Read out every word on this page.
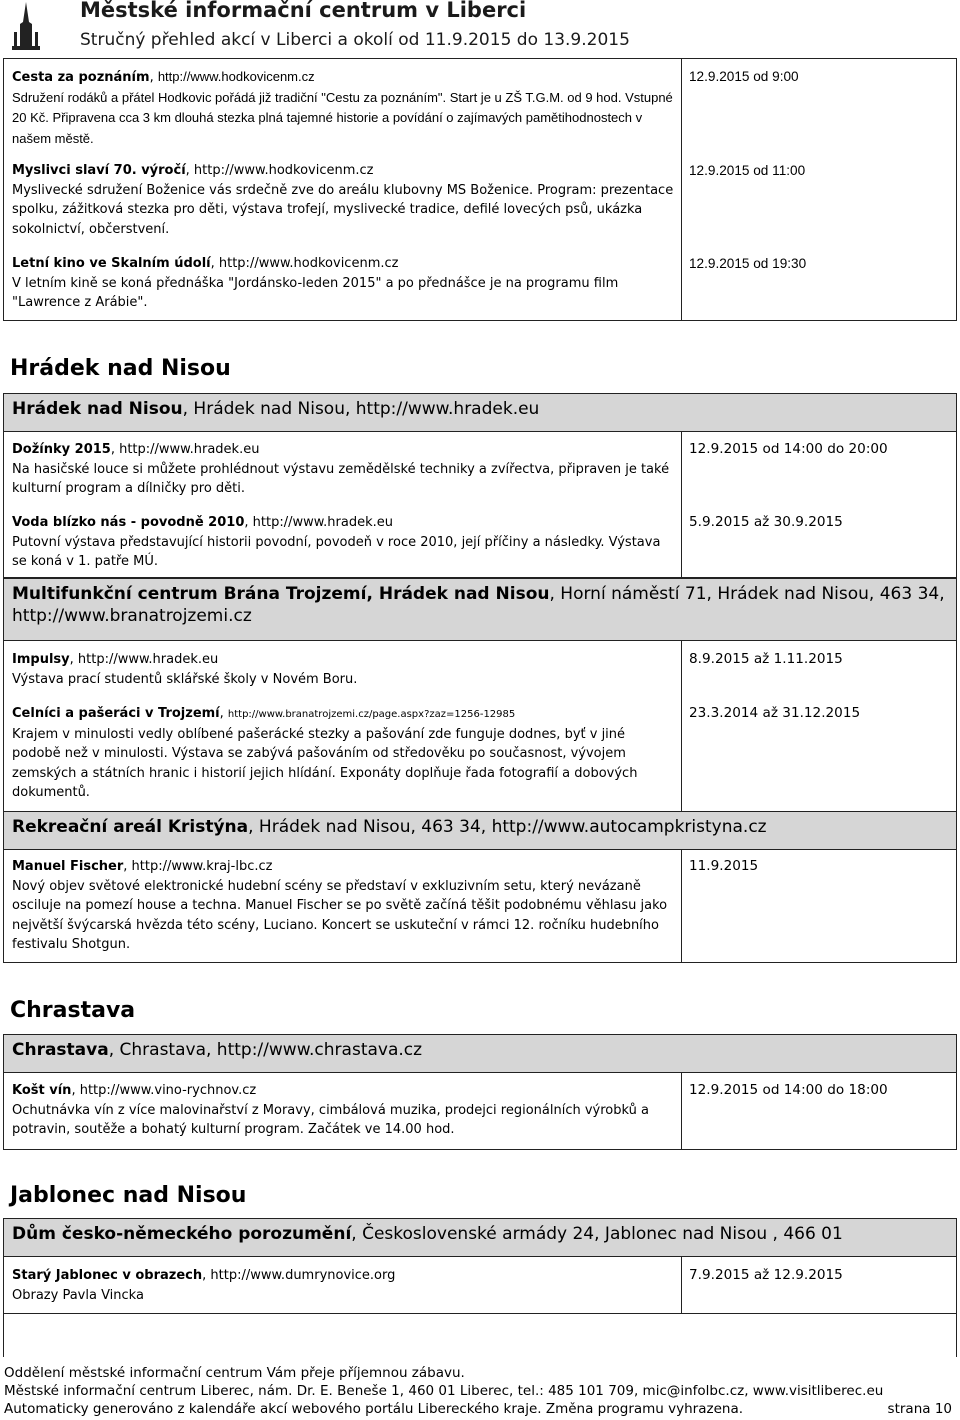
Městské informační centrum v Liberci
Stručný přehled akcí v Liberci a okolí od 11.9.2015 do 13.9.2015
Cesta za poznáním, http://www.hodkovicenm.cz
Sdružení rodáků a přátel Hodkovic pořádá již tradiční "Cestu za poznáním". Start je u ZŠ T.G.M. od 9 hod. Vstupné 20 Kč. Připravena cca 3 km dlouhá stezka plná tajemné historie a povídání o zajímavých pamětihodnostech v našem městě.
12.9.2015 od 9:00
Myslivci slaví 70. výročí, http://www.hodkovicenm.cz
Myslivecké sdružení Boženice vás srdečně zve do areálu klubovny MS Boženice. Program: prezentace spolku, zážitková stezka pro děti, výstava trofejí, myslivecké tradice, defilé lovecých psů, ukázka sokolnictví, občerstvení.
12.9.2015 od 11:00
Letní kino ve Skalním údolí, http://www.hodkovicenm.cz
V letním kině se koná přednáška "Jordánsko-leden 2015" a po přednášce je na programu film "Lawrence z Arábie".
12.9.2015 od 19:30
Hrádek nad Nisou
Hrádek nad Nisou, Hrádek nad Nisou, http://www.hradek.eu
Dožínky 2015, http://www.hradek.eu
Na hasičské louce si můžete prohlédnout výstavu zemědělské techniky a zvířectva, připraven je také kulturní program a dílničky pro děti.
12.9.2015 od 14:00 do 20:00
Voda blízko nás - povodně 2010, http://www.hradek.eu
Putovní výstava představující historii povodní, povodeň v roce 2010, její příčiny a následky. Výstava se koná v 1. patře MÚ.
5.9.2015 až 30.9.2015
Multifunkční centrum Brána Trojzemí, Hrádek nad Nisou, Horní náměstí 71, Hrádek nad Nisou, 463 34, http://www.branatrojzemi.cz
Impulsy, http://www.hradek.eu
Výstava prací studentů sklářské školy v Novém Boru.
8.9.2015 až 1.11.2015
Celníci a pašeráci v Trojzemí, http://www.branatrojzemi.cz/page.aspx?zaz=1256-12985
Krajem v minulosti vedly oblíbené pašerácké stezky a pašování zde funguje dodnes, byť v jiné podobě než v minulosti. Výstava se zabývá pašováním od středověku po současnost, vývojem zemských a státních hranic i historií jejich hlídání. Exponáty doplňuje řada fotografií a dobových dokumentů.
23.3.2014 až 31.12.2015
Rekreační areál Kristýna, Hrádek nad Nisou, 463 34, http://www.autocampkristyna.cz
Manuel Fischer, http://www.kraj-lbc.cz
Nový objev světové elektronické hudební scény se představí v exkluzivním setu, který nevázaně osciluje na pomezí house a techna. Manuel Fischer se po světě začíná těšit podobnému věhlasu jako největší švýcarská hvězda této scény, Luciano. Koncert se uskuteční v rámci 12. ročníku hudebního festivalu Shotgun.
11.9.2015
Chrastava
Chrastava, Chrastava, http://www.chrastava.cz
Košt vín, http://www.vino-rychnov.cz
Ochutnávka vín z více malovinařství z Moravy, cimbálová muzika, prodejci regionálních výrobků a potravin, soutěže a bohatý kulturní program. Začátek ve 14.00 hod.
12.9.2015 od 14:00 do 18:00
Jablonec nad Nisou
Dům česko-německého porozumění, Československé armády 24, Jablonec nad Nisou , 466 01
Starý Jablonec v obrazech, http://www.dumrynovice.org
Obrazy Pavla Vincka
7.9.2015 až 12.9.2015
Oddělení městské informační centrum Vám přeje příjemnou zábavu.
Městské informační centrum Liberec, nám. Dr. E. Beneše 1, 460 01 Liberec, tel.: 485 101 709, mic@infolbc.cz, www.visitliberec.eu
Automaticky generováno z kalendáře akcí webového portálu Libereckého kraje. Změna programu vyhrazena.	strana 10
